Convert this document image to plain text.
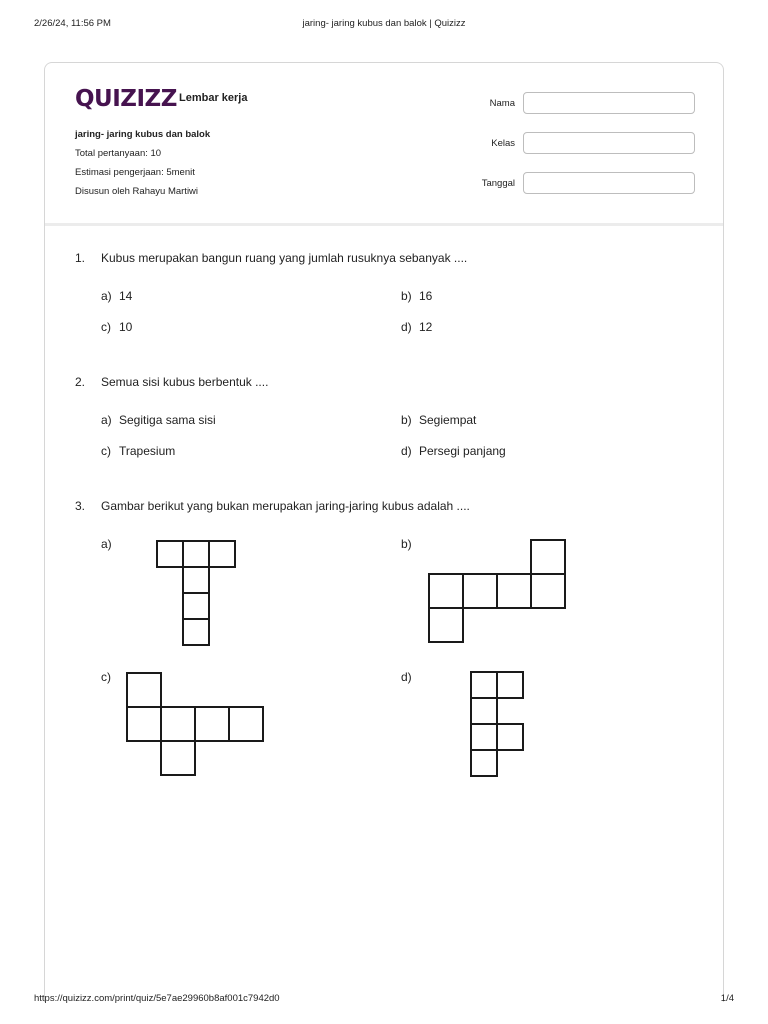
2/26/24, 11:56 PM	jaring- jaring kubus dan balok | Quizizz
QUIZIZZ Lembar kerja
jaring- jaring kubus dan balok
Total pertanyaan: 10
Estimasi pengerjaan: 5menit
Disusun oleh Rahayu Martiwi
Nama
Kelas
Tanggal
1. Kubus merupakan bangun ruang yang jumlah rusuknya sebanyak ....
a) 14	b) 16
c) 10	d) 12
2. Semua sisi kubus berbentuk ....
a) Segitiga sama sisi	b) Segiempat
c) Trapesium	d) Persegi panjang
3. Gambar berikut yang bukan merupakan jaring-jaring kubus adalah ....
a)	b)
c)	d)
https://quizizz.com/print/quiz/5e7ae29960b8af001c7942d0	1/4
